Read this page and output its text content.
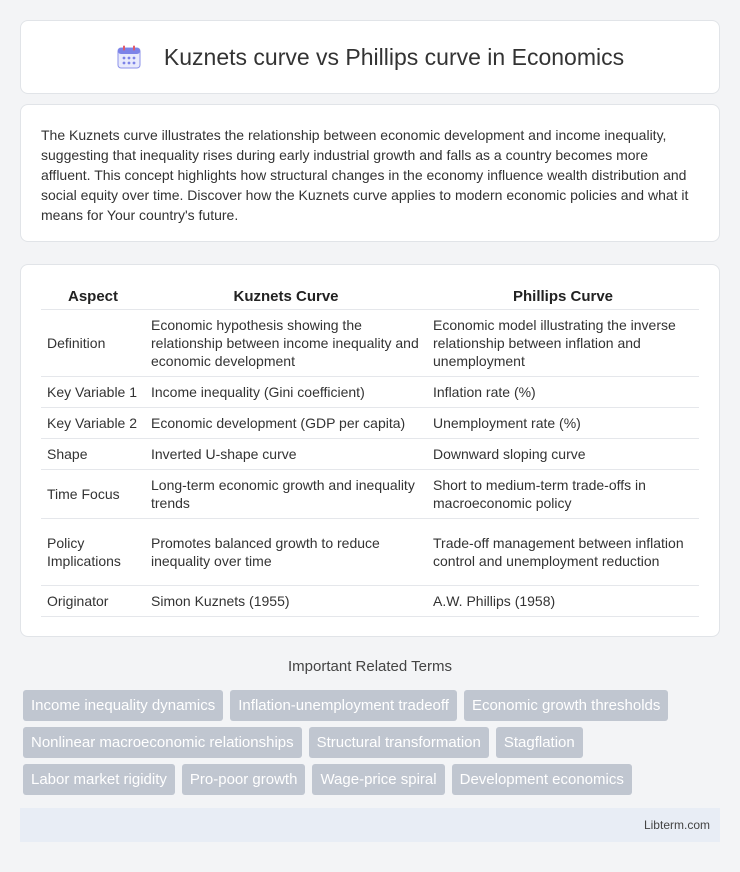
Kuznets curve vs Phillips curve in Economics

The Kuznets curve illustrates the relationship between economic development and income inequality, suggesting that inequality rises during early industrial growth and falls as a country becomes more affluent. This concept highlights how structural changes in the economy influence wealth distribution and social equity over time. Discover how the Kuznets curve applies to modern economic policies and what it means for Your country's future.

Aspect	Kuznets Curve	Phillips Curve
Definition	Economic hypothesis showing the relationship between income inequality and economic development	Economic model illustrating the inverse relationship between inflation and unemployment
Key Variable 1	Income inequality (Gini coefficient)	Inflation rate (%)
Key Variable 2	Economic development (GDP per capita)	Unemployment rate (%)
Shape	Inverted U-shape curve	Downward sloping curve
Time Focus	Long-term economic growth and inequality trends	Short to medium-term trade-offs in macroeconomic policy
Policy Implications	Promotes balanced growth to reduce inequality over time	Trade-off management between inflation control and unemployment reduction
Originator	Simon Kuznets (1955)	A.W. Phillips (1958)
Important Related Terms
Income inequality dynamics	Inflation-unemployment tradeoff	Economic growth thresholds
Nonlinear macroeconomic relationships	Structural transformation	Stagflation
Labor market rigidity	Pro-poor growth	Wage-price spiral	Development economics
Libterm.com
